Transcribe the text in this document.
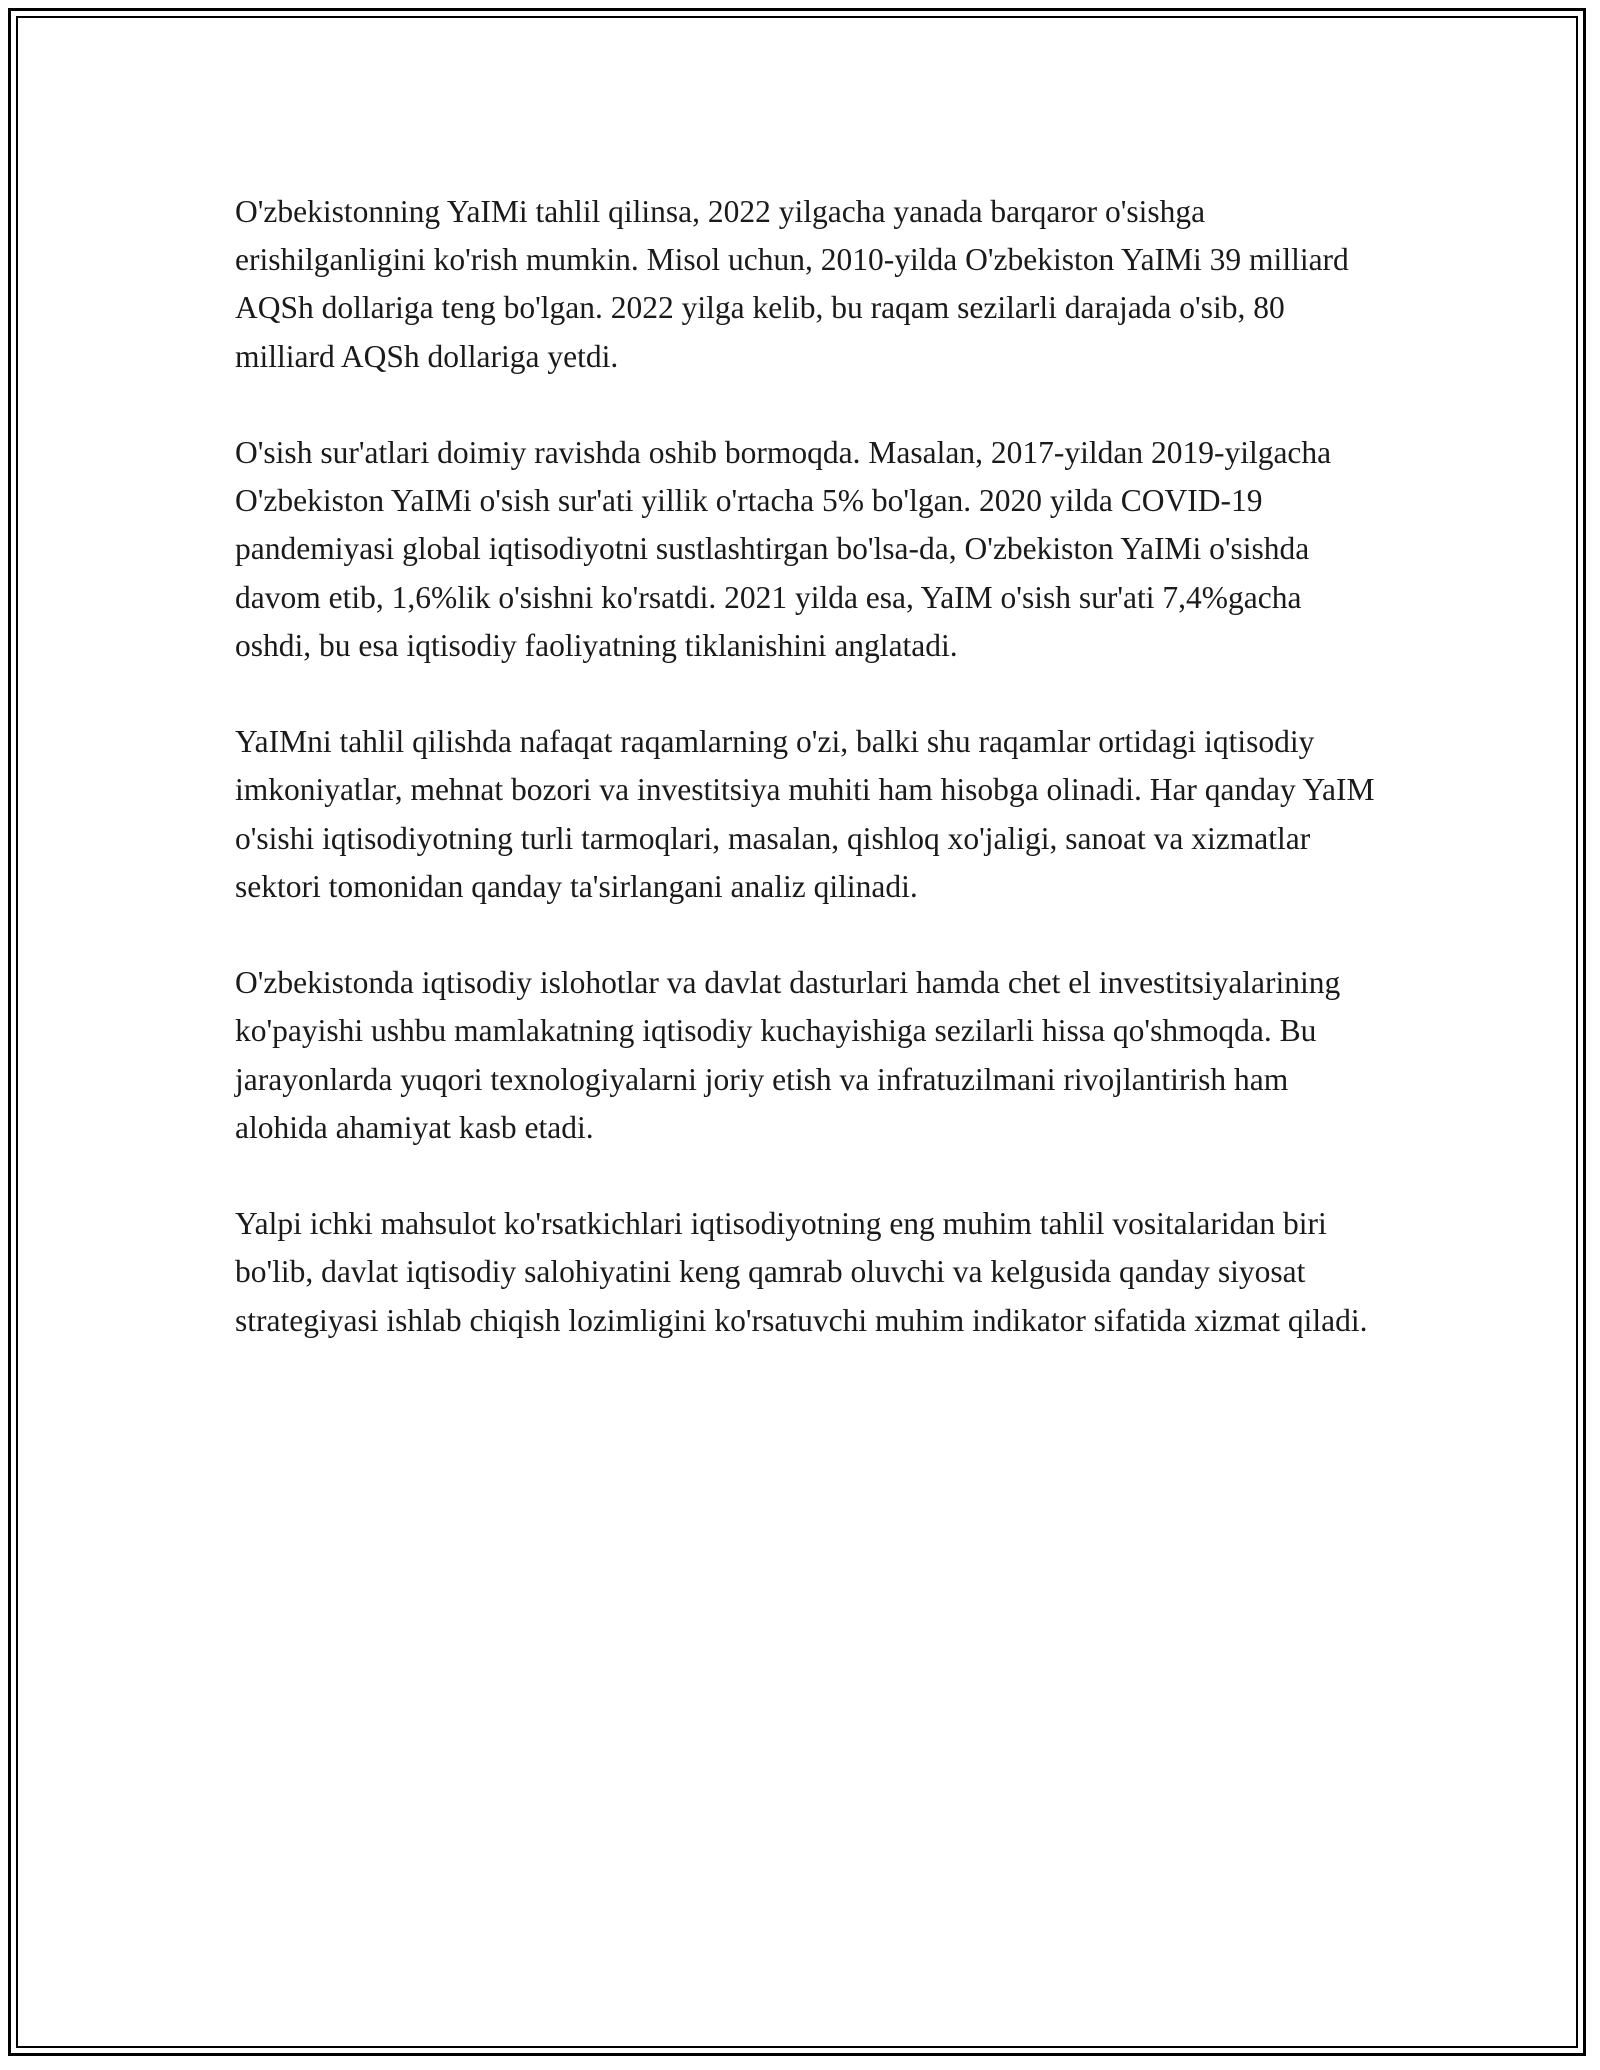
O'zbekistonning YaIMi tahlil qilinsa, 2022 yilgacha yanada barqaror o'sishga erishilganligini ko'rish mumkin. Misol uchun, 2010-yilda O'zbekiston YaIMi 39 milliard AQSh dollariga teng bo'lgan. 2022 yilga kelib, bu raqam sezilarli darajada o'sib, 80 milliard AQSh dollariga yetdi.

O'sish sur'atlari doimiy ravishda oshib bormoqda. Masalan, 2017-yildan 2019-yilgacha O'zbekiston YaIMi o'sish sur'ati yillik o'rtacha 5% bo'lgan. 2020 yilda COVID-19 pandemiyasi global iqtisodiyotni sustlashtirgan bo'lsa-da, O'zbekiston YaIMi o'sishda davom etib, 1,6%lik o'sishni ko'rsatdi. 2021 yilda esa, YaIM o'sish sur'ati 7,4%gacha oshdi, bu esa iqtisodiy faoliyatning tiklanishini anglatadi.

YaIMni tahlil qilishda nafaqat raqamlarning o'zi, balki shu raqamlar ortidagi iqtisodiy imkoniyatlar, mehnat bozori va investitsiya muhiti ham hisobga olinadi. Har qanday YaIM o'sishi iqtisodiyotning turli tarmoqlari, masalan, qishloq xo'jaligi, sanoat va xizmatlar sektori tomonidan qanday ta'sirlangani analiz qilinadi.

O'zbekistonda iqtisodiy islohotlar va davlat dasturlari hamda chet el investitsiyalarining ko'payishi ushbu mamlakatning iqtisodiy kuchayishiga sezilarli hissa qo'shmoqda. Bu jarayonlarda yuqori texnologiyalarni joriy etish va infratuzilmani rivojlantirish ham alohida ahamiyat kasb etadi.

Yalpi ichki mahsulot ko'rsatkichlari iqtisodiyotning eng muhim tahlil vositalaridan biri bo'lib, davlat iqtisodiy salohiyatini keng qamrab oluvchi va kelgusida qanday siyosat strategiyasi ishlab chiqish lozimligini ko'rsatuvchi muhim indikator sifatida xizmat qiladi.
